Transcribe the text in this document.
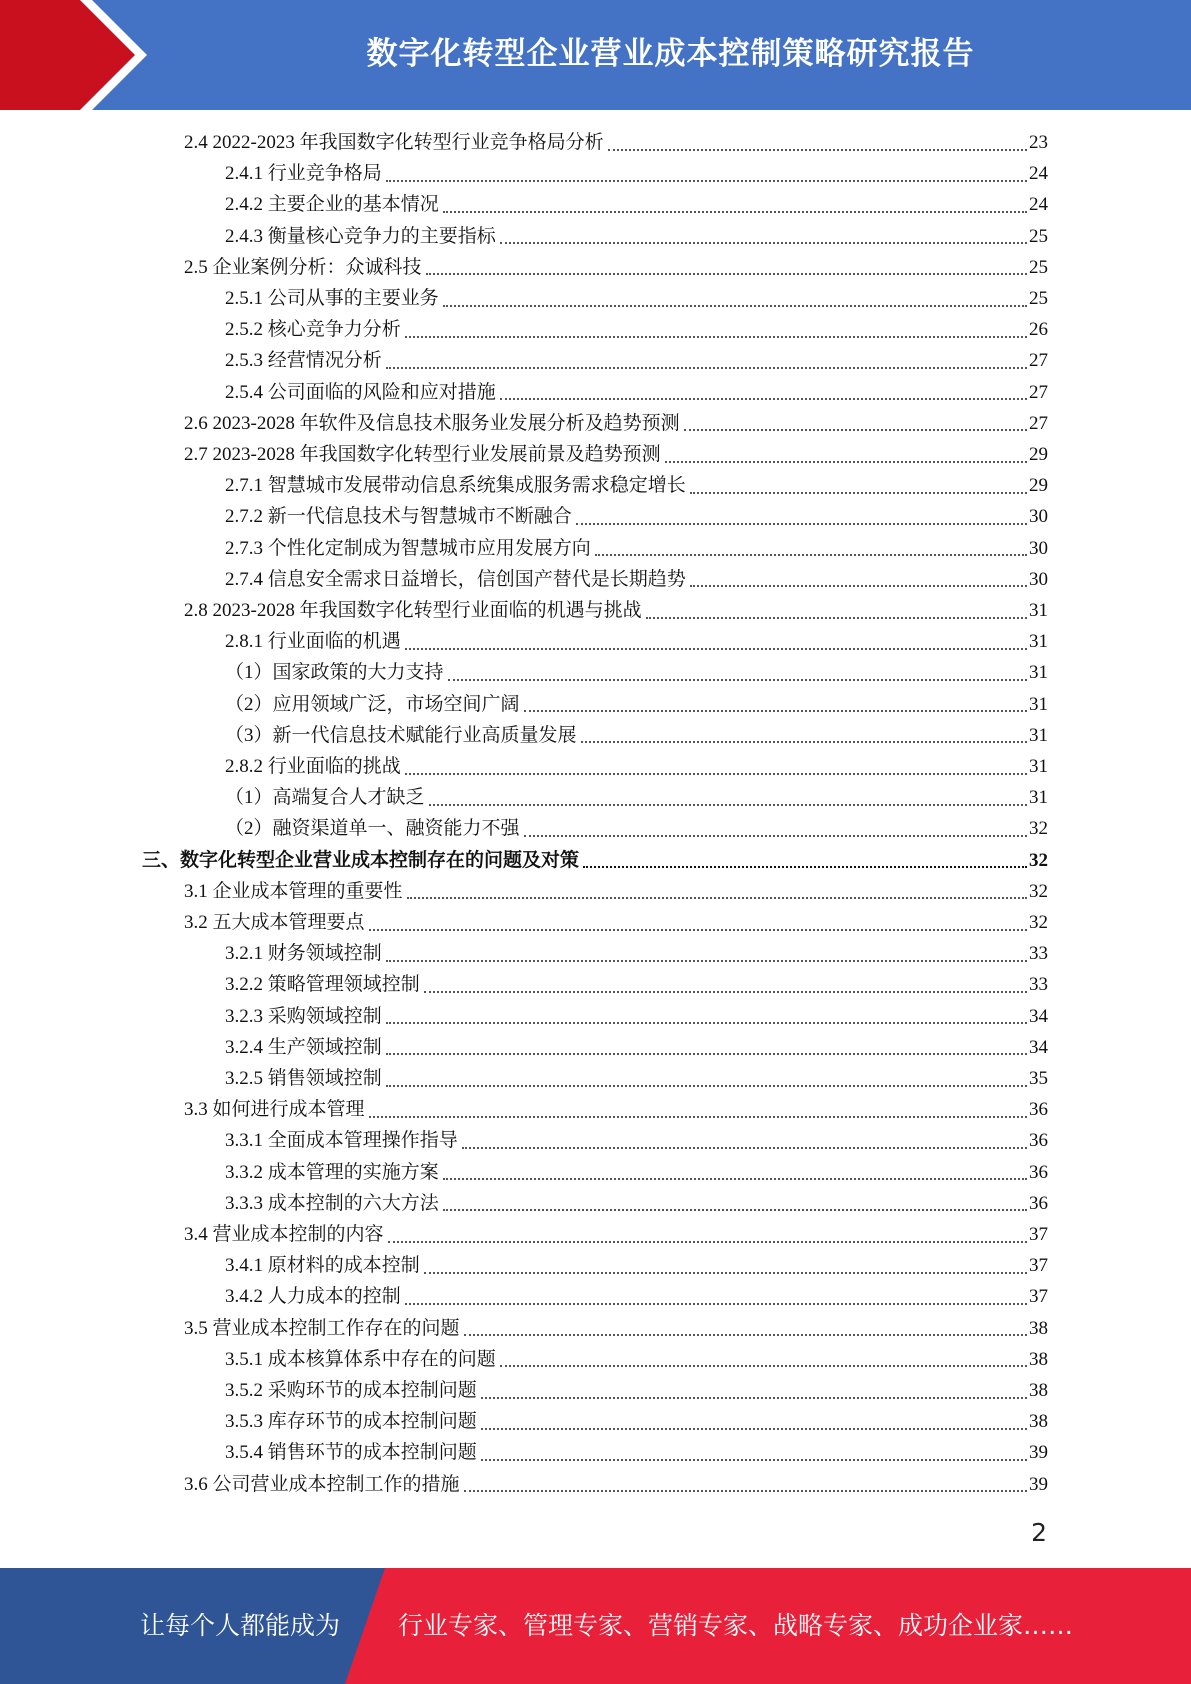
数字化转型企业营业成本控制策略研究报告
2.4 2022-2023 年我国数字化转型行业竞争格局分析	23
2.4.1 行业竞争格局	24
2.4.2 主要企业的基本情况	24
2.4.3 衡量核心竞争力的主要指标	25
2.5 企业案例分析：众诚科技	25
2.5.1 公司从事的主要业务	25
2.5.2 核心竞争力分析	26
2.5.3 经营情况分析	27
2.5.4 公司面临的风险和应对措施	27
2.6 2023-2028 年软件及信息技术服务业发展分析及趋势预测	27
2.7 2023-2028 年我国数字化转型行业发展前景及趋势预测	29
2.7.1 智慧城市发展带动信息系统集成服务需求稳定增长	29
2.7.2 新一代信息技术与智慧城市不断融合	30
2.7.3 个性化定制成为智慧城市应用发展方向	30
2.7.4 信息安全需求日益增长，信创国产替代是长期趋势	30
2.8 2023-2028 年我国数字化转型行业面临的机遇与挑战	31
2.8.1 行业面临的机遇	31
（1）国家政策的大力支持	31
（2）应用领域广泛，市场空间广阔	31
（3）新一代信息技术赋能行业高质量发展	31
2.8.2 行业面临的挑战	31
（1）高端复合人才缺乏	31
（2）融资渠道单一、融资能力不强	32
三、数字化转型企业营业成本控制存在的问题及对策	32
3.1 企业成本管理的重要性	32
3.2 五大成本管理要点	32
3.2.1 财务领域控制	33
3.2.2 策略管理领域控制	33
3.2.3 采购领域控制	34
3.2.4 生产领域控制	34
3.2.5 销售领域控制	35
3.3 如何进行成本管理	36
3.3.1 全面成本管理操作指导	36
3.3.2 成本管理的实施方案	36
3.3.3 成本控制的六大方法	36
3.4 营业成本控制的内容	37
3.4.1 原材料的成本控制	37
3.4.2 人力成本的控制	37
3.5 营业成本控制工作存在的问题	38
3.5.1 成本核算体系中存在的问题	38
3.5.2 采购环节的成本控制问题	38
3.5.3 库存环节的成本控制问题	38
3.5.4 销售环节的成本控制问题	39
3.6 公司营业成本控制工作的措施	39
2
让每个人都能成为 行业专家、管理专家、营销专家、战略专家、成功企业家……
